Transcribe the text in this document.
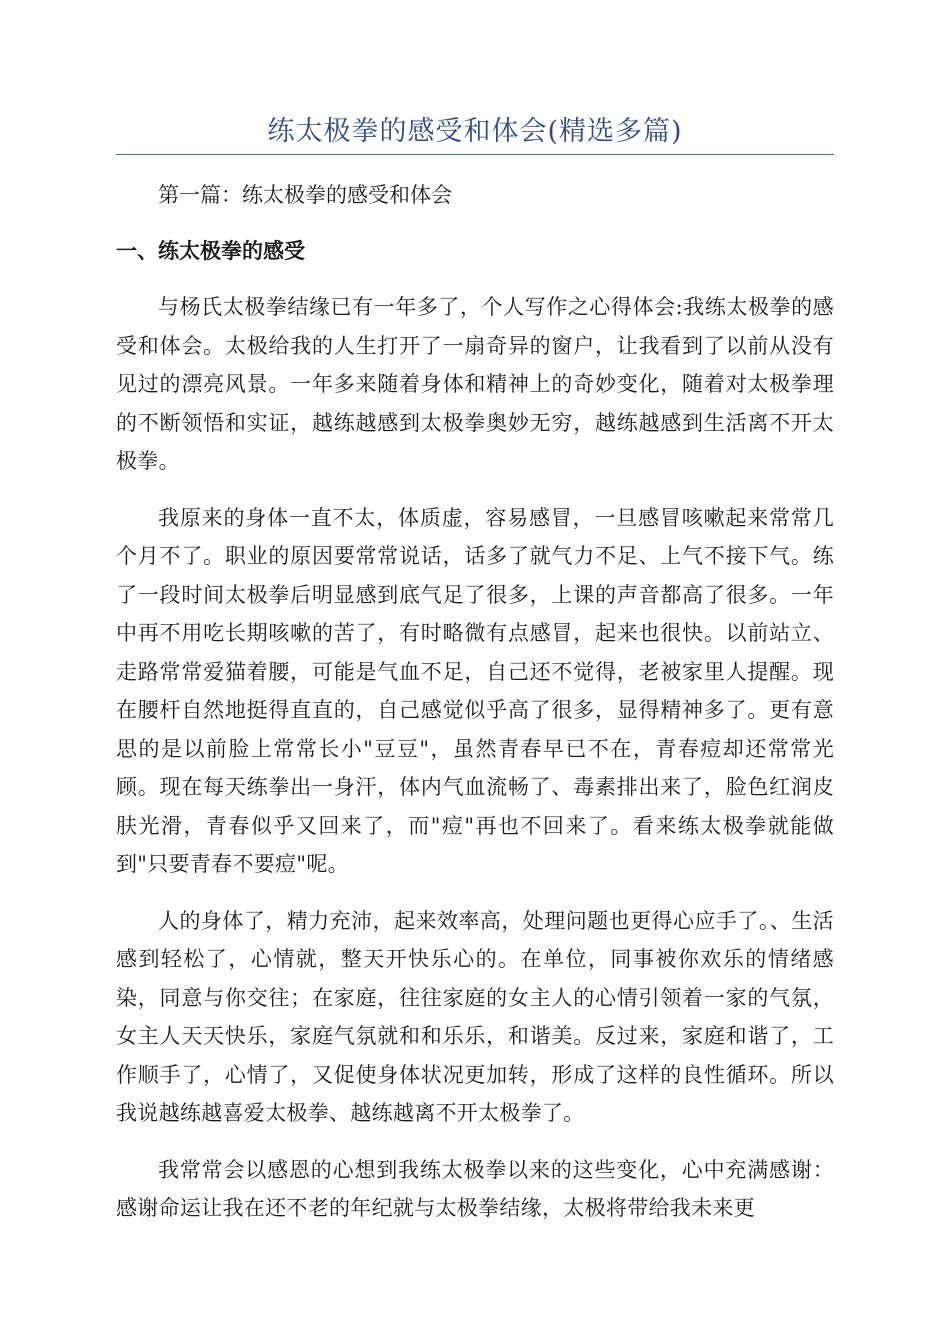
练太极拳的感受和体会(精选多篇)

第一篇：练太极拳的感受和体会

一、练太极拳的感受

与杨氏太极拳结缘已有一年多了，个人写作之心得体会:我练太极拳的感受和体会。太极给我的人生打开了一扇奇异的窗户，让我看到了以前从没有见过的漂亮风景。一年多来随着身体和精神上的奇妙变化，随着对太极拳理的不断领悟和实证，越练越感到太极拳奥妙无穷，越练越感到生活离不开太极拳。

我原来的身体一直不太，体质虚，容易感冒，一旦感冒咳嗽起来常常几个月不了。职业的原因要常常说话，话多了就气力不足、上气不接下气。练了一段时间太极拳后明显感到底气足了很多，上课的声音都高了很多。一年中再不用吃长期咳嗽的苦了，有时略微有点感冒，起来也很快。以前站立、走路常常爱猫着腰，可能是气血不足，自己还不觉得，老被家里人提醒。现在腰杆自然地挺得直直的，自己感觉似乎高了很多，显得精神多了。更有意思的是以前脸上常常长小"豆豆"，虽然青春早已不在，青春痘却还常常光顾。现在每天练拳出一身汗，体内气血流畅了、毒素排出来了，脸色红润皮肤光滑，青春似乎又回来了，而"痘"再也不回来了。看来练太极拳就能做到"只要青春不要痘"呢。

人的身体了，精力充沛，起来效率高，处理问题也更得心应手了。、生活感到轻松了，心情就，整天开快乐心的。在单位，同事被你欢乐的情绪感染，同意与你交往；在家庭，往往家庭的女主人的心情引领着一家的气氛，女主人天天快乐，家庭气氛就和和乐乐，和谐美。反过来，家庭和谐了，工作顺手了，心情了，又促使身体状况更加转，形成了这样的良性循环。所以我说越练越喜爱太极拳、越练越离不开太极拳了。

我常常会以感恩的心想到我练太极拳以来的这些变化，心中充满感谢：感谢命运让我在还不老的年纪就与太极拳结缘，太极将带给我未来更
